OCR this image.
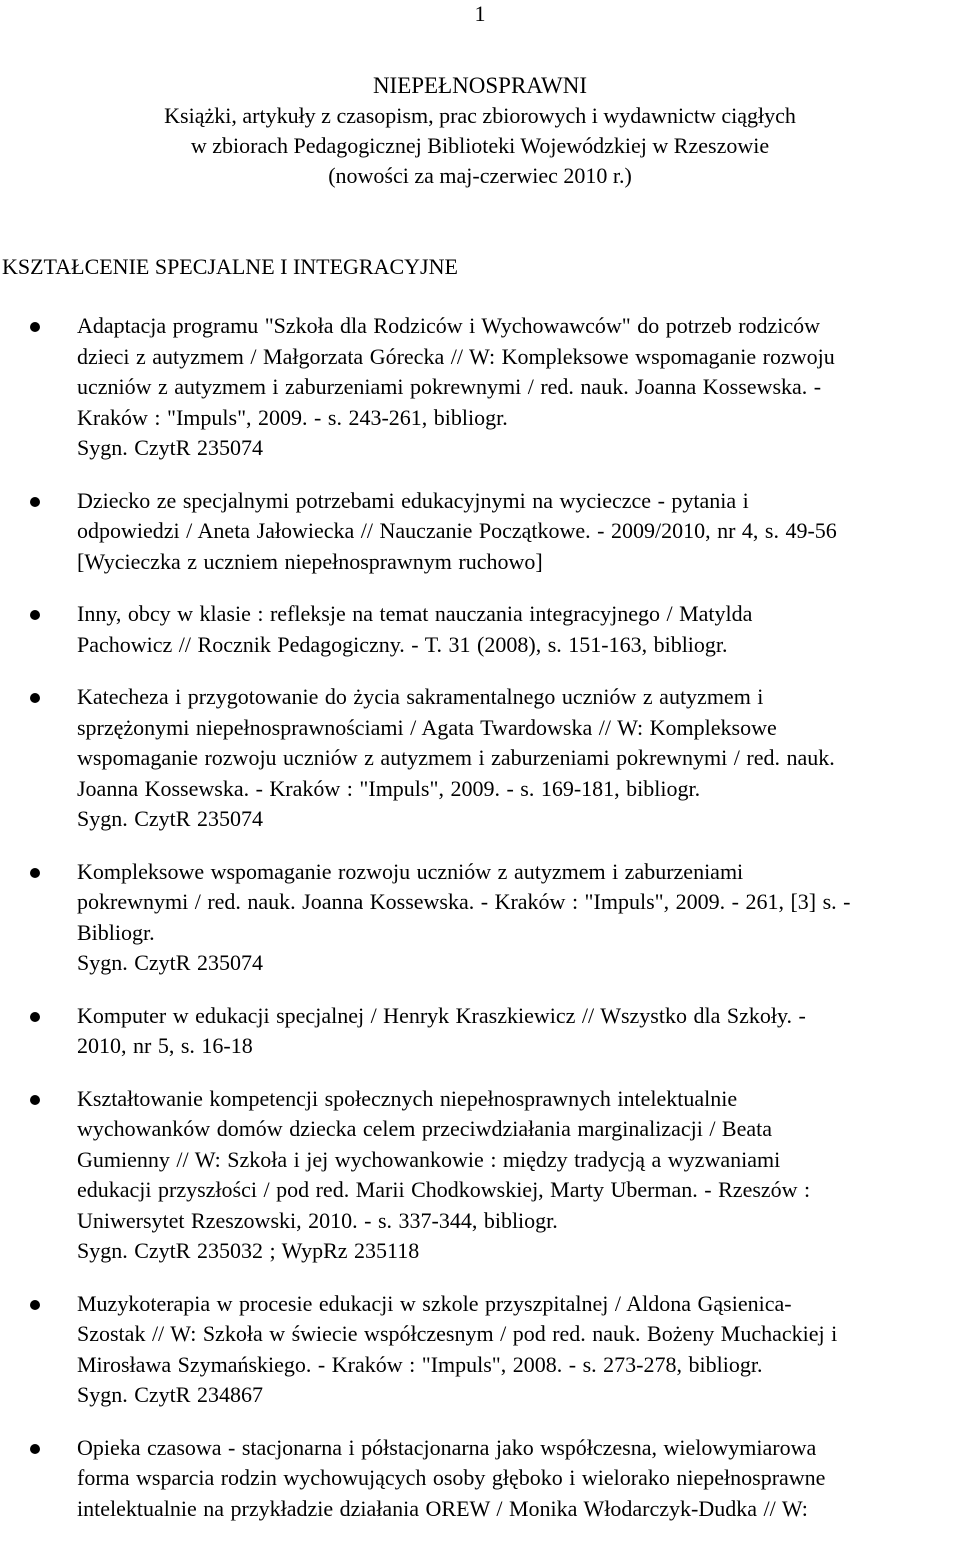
1
NIEPEŁNOSPRAWNI
Książki, artykuły z czasopism, prac zbiorowych i wydawnictw ciągłych
w zbiorach Pedagogicznej Biblioteki Wojewódzkiej w Rzeszowie
(nowości za maj-czerwiec 2010 r.)
KSZTAŁCENIE SPECJALNE I INTEGRACYJNE
Adaptacja programu "Szkoła dla Rodziców i Wychowawców" do potrzeb rodziców
dzieci z autyzmem / Małgorzata Górecka // W: Kompleksowe wspomaganie rozwoju
uczniów z autyzmem i zaburzeniami pokrewnymi / red. nauk. Joanna Kossewska. -
Kraków : "Impuls", 2009. - s. 243-261, bibliogr.
Sygn. CzytR 235074
Dziecko ze specjalnymi potrzebami edukacyjnymi na wycieczce - pytania i
odpowiedzi / Aneta Jałowiecka // Nauczanie Początkowe. - 2009/2010, nr 4, s. 49-56
[Wycieczka z uczniem niepełnosprawnym ruchowo]
Inny, obcy w klasie : refleksje na temat nauczania integracyjnego / Matylda
Pachowicz // Rocznik Pedagogiczny. - T. 31 (2008), s. 151-163, bibliogr.
Katecheza i przygotowanie do życia sakramentalnego uczniów z autyzmem i
sprzężonymi niepełnosprawnościami / Agata Twardowska // W: Kompleksowe
wspomaganie rozwoju uczniów z autyzmem i zaburzeniami pokrewnymi / red. nauk.
Joanna Kossewska. - Kraków : "Impuls", 2009. - s. 169-181, bibliogr.
Sygn. CzytR 235074
Kompleksowe wspomaganie rozwoju uczniów z autyzmem i zaburzeniami
pokrewnymi / red. nauk. Joanna Kossewska. - Kraków : "Impuls", 2009. - 261, [3] s. -
Bibliogr.
Sygn. CzytR 235074
Komputer w edukacji specjalnej / Henryk Kraszkiewicz // Wszystko dla Szkoły. -
2010, nr 5, s. 16-18
Kształtowanie kompetencji społecznych niepełnosprawnych intelektualnie
wychowanków domów dziecka celem przeciwdziałania marginalizacji / Beata
Gumienny // W: Szkoła i jej wychowankowie : między tradycją a wyzwaniami
edukacji przyszłości / pod red. Marii Chodkowskiej, Marty Uberman. - Rzeszów :
Uniwersytet Rzeszowski, 2010. - s. 337-344, bibliogr.
Sygn. CzytR 235032 ; WypRz 235118
Muzykoterapia w procesie edukacji w szkole przyszpitalnej / Aldona Gąsienica-
Szostak // W: Szkoła w świecie współczesnym / pod red. nauk. Bożeny Muchackiej i
Mirosława Szymańskiego. - Kraków : "Impuls", 2008. - s. 273-278, bibliogr.
Sygn. CzytR 234867
Opieka czasowa - stacjonarna i półstacjonarna jako współczesna, wielowymiarowa
forma wsparcia rodzin wychowujących osoby głęboko i wielorako niepełnosprawne
intelektualnie na przykładzie działania OREW / Monika Włodarczyk-Dudka // W:
